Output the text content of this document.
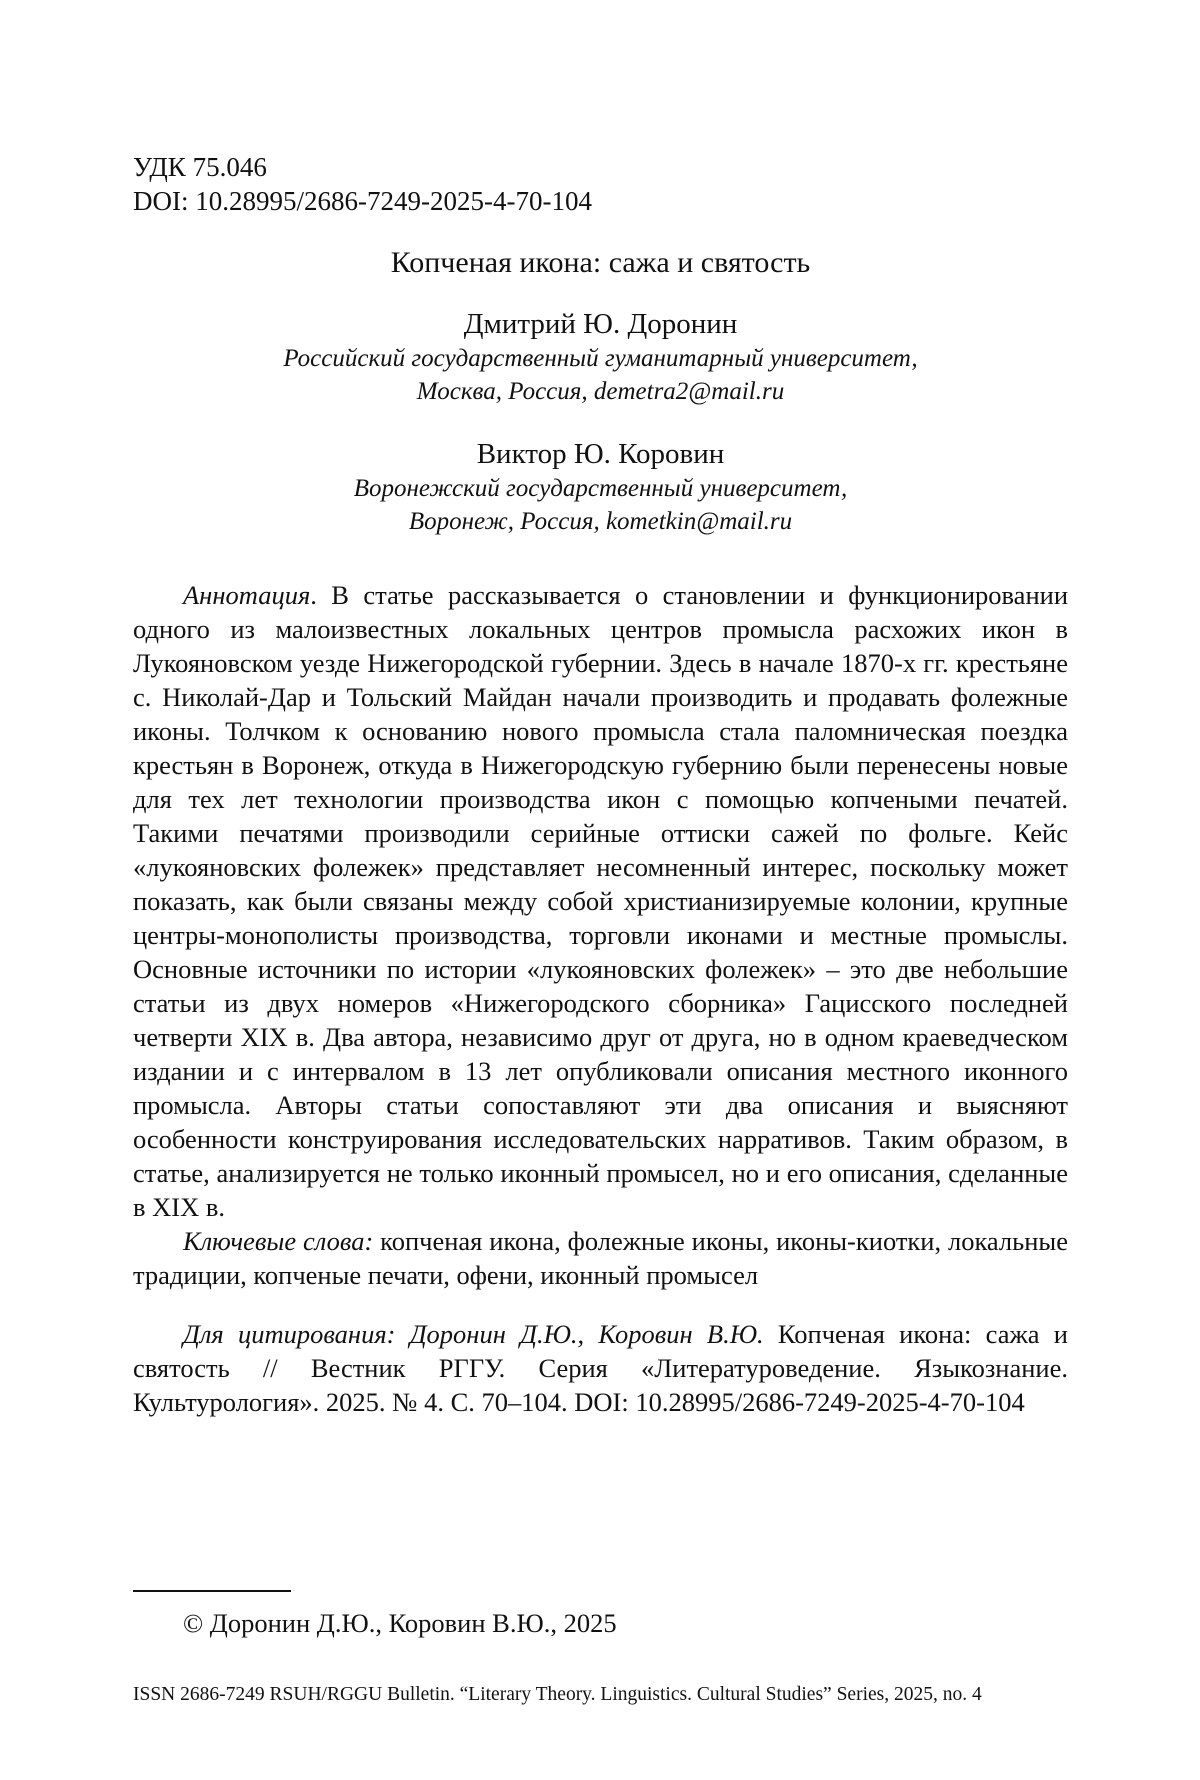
УДК 75.046

DOI: 10.28995/2686-7249-2025-4-70-104

Копченая икона: сажа и святость

Дмитрий Ю. Доронин

Российский государственный гуманитарный университет,

Москва, Россия, demetra2@mail.ru

Виктор Ю. Коровин

Воронежский государственный университет,

Воронеж, Россия, kometkin@mail.ru

Аннотация. В статье рассказывается о становлении и функционировании одного из малоизвестных локальных центров промысла расхожих икон в Лукояновском уезде Нижегородской губернии. Здесь в начале 1870-х гг. крестьяне с. Николай-Дар и Тольский Майдан начали производить и продавать фолежные иконы. Толчком к основанию нового промысла стала паломническая поездка крестьян в Воронеж, откуда в Нижегородскую губернию были перенесены новые для тех лет технологии производства икон с помощью копчеными печатей. Такими печатями производили серийные оттиски сажей по фольге. Кейс «лукояновских фолежек» представляет несомненный интерес, поскольку может показать, как были связаны между собой христианизируемые колонии, крупные центры-монополисты производства, торговли иконами и местные промыслы. Основные источники по истории «лукояновских фолежек» – это две небольшие статьи из двух номеров «Нижегородского сборника» Гацисского последней четверти XIX в. Два автора, независимо друг от друга, но в одном краеведческом издании и с интервалом в 13 лет опубликовали описания местного иконного промысла. Авторы статьи сопоставляют эти два описания и выясняют особенности конструирования исследовательских нарративов. Таким образом, в статье, анализируется не только иконный промысел, но и его описания, сделанные в XIX в.

Ключевые слова: копченая икона, фолежные иконы, иконы-киотки, локальные традиции, копченые печати, офени, иконный промысел

Для цитирования: Доронин Д.Ю., Коровин В.Ю. Копченая икона: сажа и святость // Вестник РГГУ. Серия «Литературоведение. Языкознание. Культурология». 2025. № 4. С. 70–104. DOI: 10.28995/2686-7249-2025-4-70-104

© Доронин Д.Ю., Коровин В.Ю., 2025

ISSN 2686-7249 RSUH/RGGU Bulletin. “Literary Theory. Linguistics. Cultural Studies” Series, 2025, no. 4
